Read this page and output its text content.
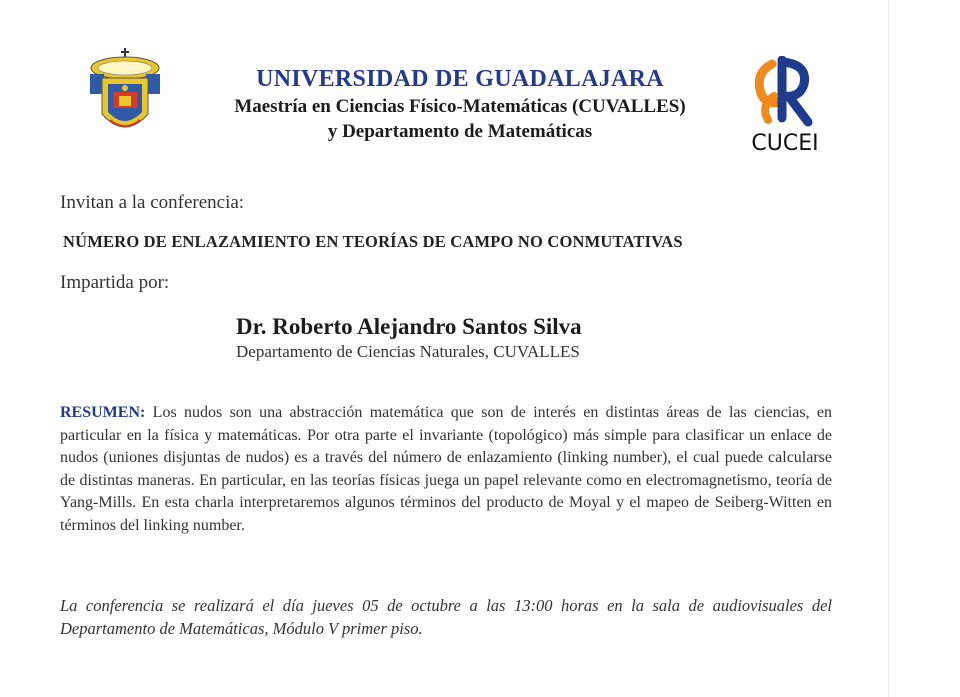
UNIVERSIDAD DE GUADALAJARA
Maestría en Ciencias Físico-Matemáticas (CUVALLES)
y Departamento de Matemáticas	CUCEI
Invitan a la conferencia:
NÚMERO DE ENLAZAMIENTO EN TEORÍAS DE CAMPO NO CONMUTATIVAS
Impartida por:
Dr. Roberto Alejandro Santos Silva
Departamento de Ciencias Naturales, CUVALLES
RESUMEN: Los nudos son una abstracción matemática que son de interés en distintas áreas de las ciencias, en particular en la física y matemáticas. Por otra parte el invariante (topológico) más simple para clasificar un enlace de nudos (uniones disjuntas de nudos) es a través del número de enlazamiento (linking number), el cual puede calcularse de distintas maneras. En particular, en las teorías físicas juega un papel relevante como en electromagnetismo, teoría de Yang-Mills. En esta charla interpretaremos algunos términos del producto de Moyal y el mapeo de Seiberg-Witten en términos del linking number.
La conferencia se realizará el día jueves 05 de octubre a las 13:00 horas en la sala de audiovisuales del Departamento de Matemáticas, Módulo V primer piso.
